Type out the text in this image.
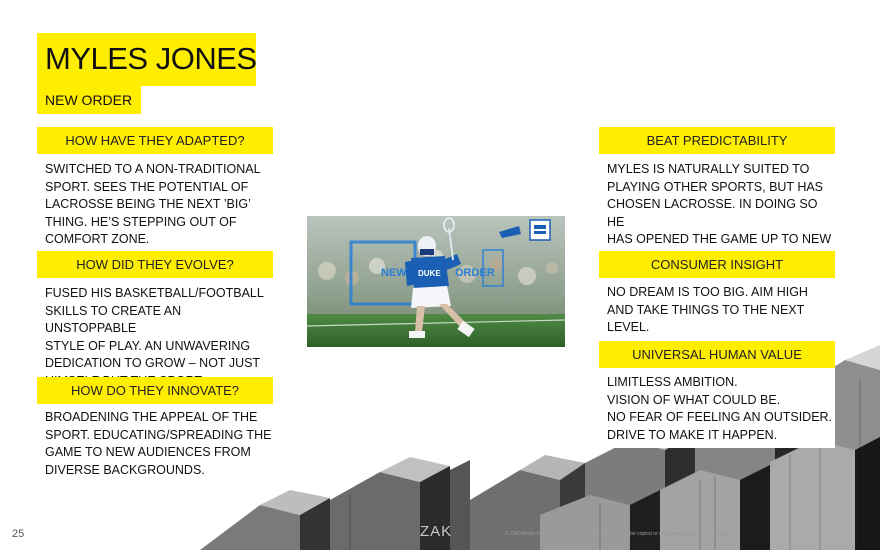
MYLES JONES
NEW ORDER
HOW HAVE THEY ADAPTED?
SWITCHED TO A NON-TRADITIONAL
SPORT. SEES THE POTENTIAL OF
LACROSSE BEING THE NEXT ’BIG’
THING. HE’S STEPPING OUT OF
COMFORT ZONE.
HOW DID THEY EVOLVE?
FUSED HIS BASKETBALL/FOOTBALL
SKILLS TO CREATE AN UNSTOPPABLE
STYLE OF PLAY. AN UNWAVERING
DEDICATION TO GROW – NOT JUST
HOW DO THEY INNOVATE?
BROADENING THE APPEAL OF THE
SPORT. EDUCATING/SPREADING THE
GAME TO NEW AUDIENCES FROM
DIVERSE BACKGROUNDS.
NEW	ORDER
DUKE
BEAT PREDICTABILITY
MYLES IS NATURALLY SUITED TO
PLAYING OTHER SPORTS, BUT HAS
CHOSEN LACROSSE. IN DOING SO HE
HAS OPENED THE GAME UP TO NEW
CONSUMER INSIGHT
NO DREAM IS TOO BIG. AIM HIGH
AND TAKE THINGS TO THE NEXT
LEVEL.
UNIVERSAL HUMAN VALUE
LIMITLESS AMBITION.
VISION OF WHAT COULD BE.
NO FEAR OF FEELING AN OUTSIDER.
DRIVE TO MAKE IT HAPPEN.
25	ZAK	© ZAK Media Group Limited 2015. In confidence. Not to be copied or disclosed without prior consent.
